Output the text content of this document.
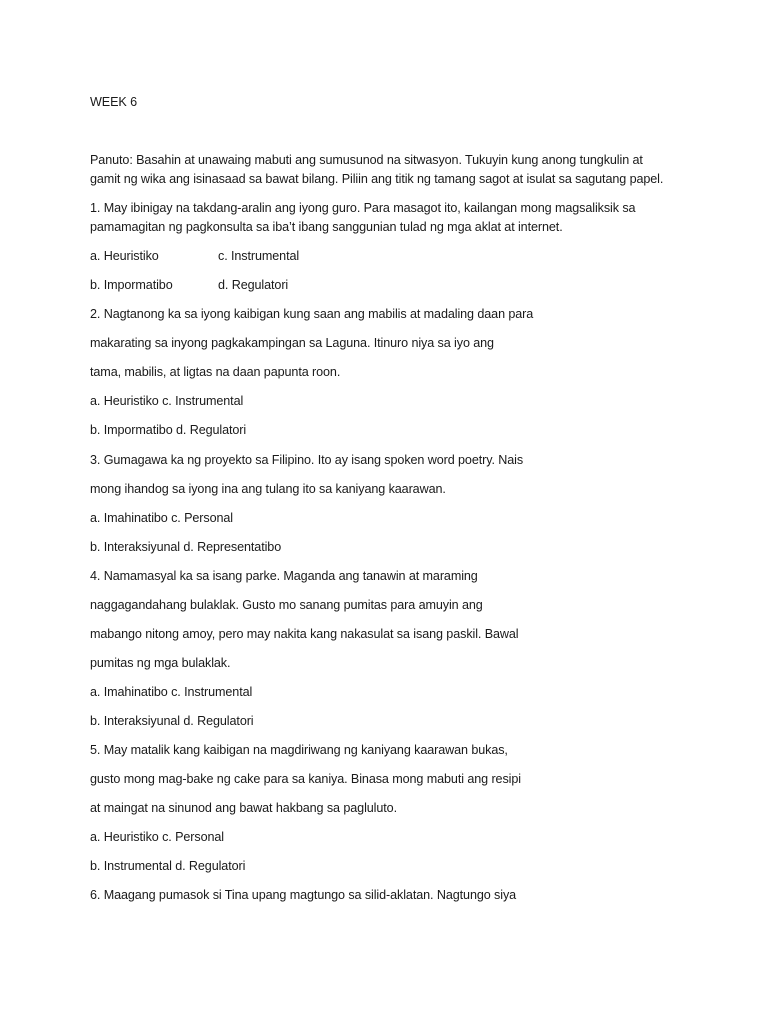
WEEK 6
Panuto: Basahin at unawaing mabuti ang sumusunod na sitwasyon. Tukuyin kung anong tungkulin at
gamit ng wika ang isinasaad sa bawat bilang. Piliin ang titik ng tamang sagot at isulat sa sagutang papel.
1. May ibinigay na takdang-aralin ang iyong guro. Para masagot ito, kailangan mong magsaliksik sa
pamamagitan ng pagkonsulta sa iba’t ibang sanggunian tulad ng mga aklat at internet.
a. Heuristiko	c. Instrumental
b. Impormatibo	d. Regulatori
2. Nagtanong ka sa iyong kaibigan kung saan ang mabilis at madaling daan para
makarating sa inyong pagkakampingan sa Laguna. Itinuro niya sa iyo ang
tama, mabilis, at ligtas na daan papunta roon.
a. Heuristiko c. Instrumental
b. Impormatibo d. Regulatori
3. Gumagawa ka ng proyekto sa Filipino. Ito ay isang spoken word poetry. Nais
mong ihandog sa iyong ina ang tulang ito sa kaniyang kaarawan.
a. Imahinatibo c. Personal
b. Interaksiyunal d. Representatibo
4. Namamasyal ka sa isang parke. Maganda ang tanawin at maraming
naggagandahang bulaklak. Gusto mo sanang pumitas para amuyin ang
mabango nitong amoy, pero may nakita kang nakasulat sa isang paskil. Bawal
pumitas ng mga bulaklak.
a. Imahinatibo c. Instrumental
b. Interaksiyunal d. Regulatori
5. May matalik kang kaibigan na magdiriwang ng kaniyang kaarawan bukas,
gusto mong mag-bake ng cake para sa kaniya. Binasa mong mabuti ang resipi
at maingat na sinunod ang bawat hakbang sa pagluluto.
a. Heuristiko c. Personal
b. Instrumental d. Regulatori
6. Maagang pumasok si Tina upang magtungo sa silid-aklatan. Nagtungo siya
